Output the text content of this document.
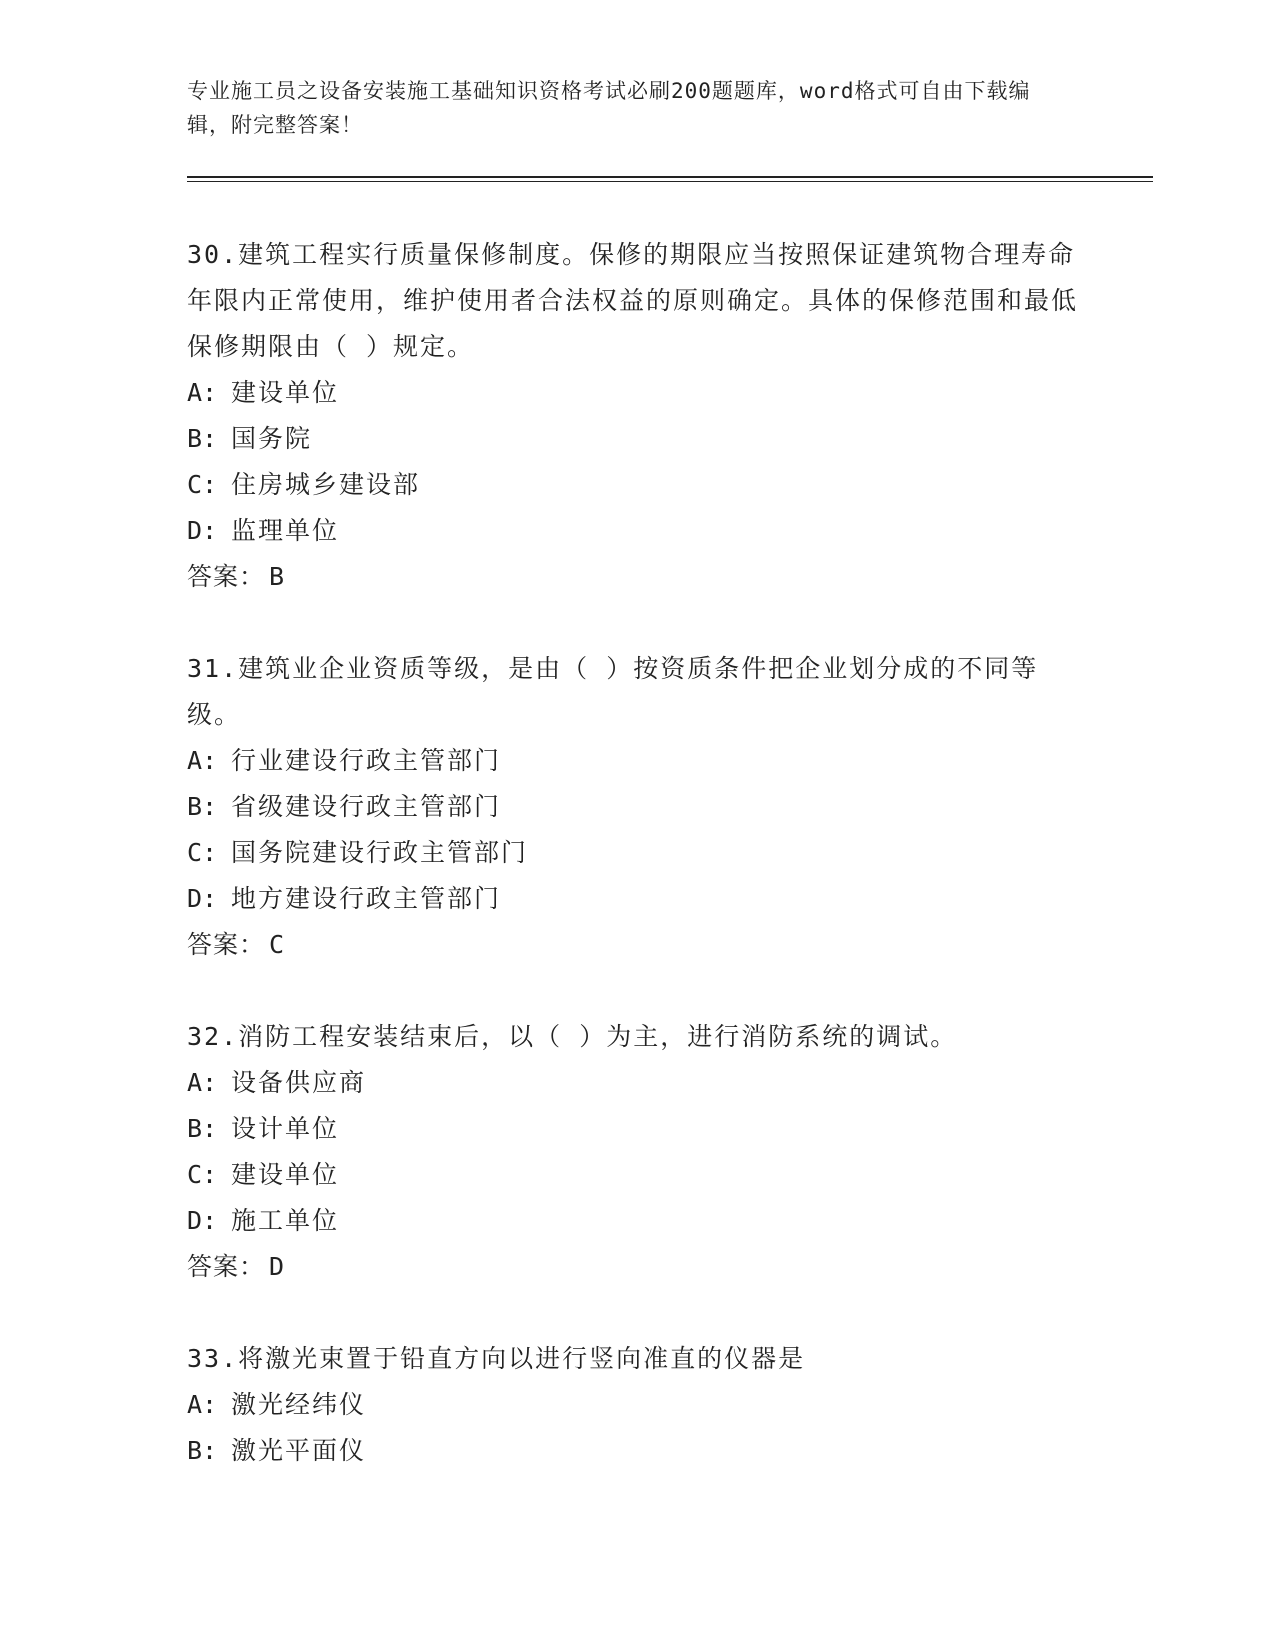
专业施工员之设备安装施工基础知识资格考试必刷200题题库，word格式可自由下载编辑，附完整答案！
30.建筑工程实行质量保修制度。保修的期限应当按照保证建筑物合理寿命年限内正常使用，维护使用者合法权益的原则确定。具体的保修范围和最低保修期限由（ ）规定。
A: 建设单位
B: 国务院
C: 住房城乡建设部
D: 监理单位
答案： B
31.建筑业企业资质等级，是由（ ）按资质条件把企业划分成的不同等级。
A: 行业建设行政主管部门
B: 省级建设行政主管部门
C: 国务院建设行政主管部门
D: 地方建设行政主管部门
答案： C
32.消防工程安装结束后，以（ ）为主，进行消防系统的调试。
A: 设备供应商
B: 设计单位
C: 建设单位
D: 施工单位
答案： D
33.将激光束置于铅直方向以进行竖向准直的仪器是
A: 激光经纬仪
B: 激光平面仪
